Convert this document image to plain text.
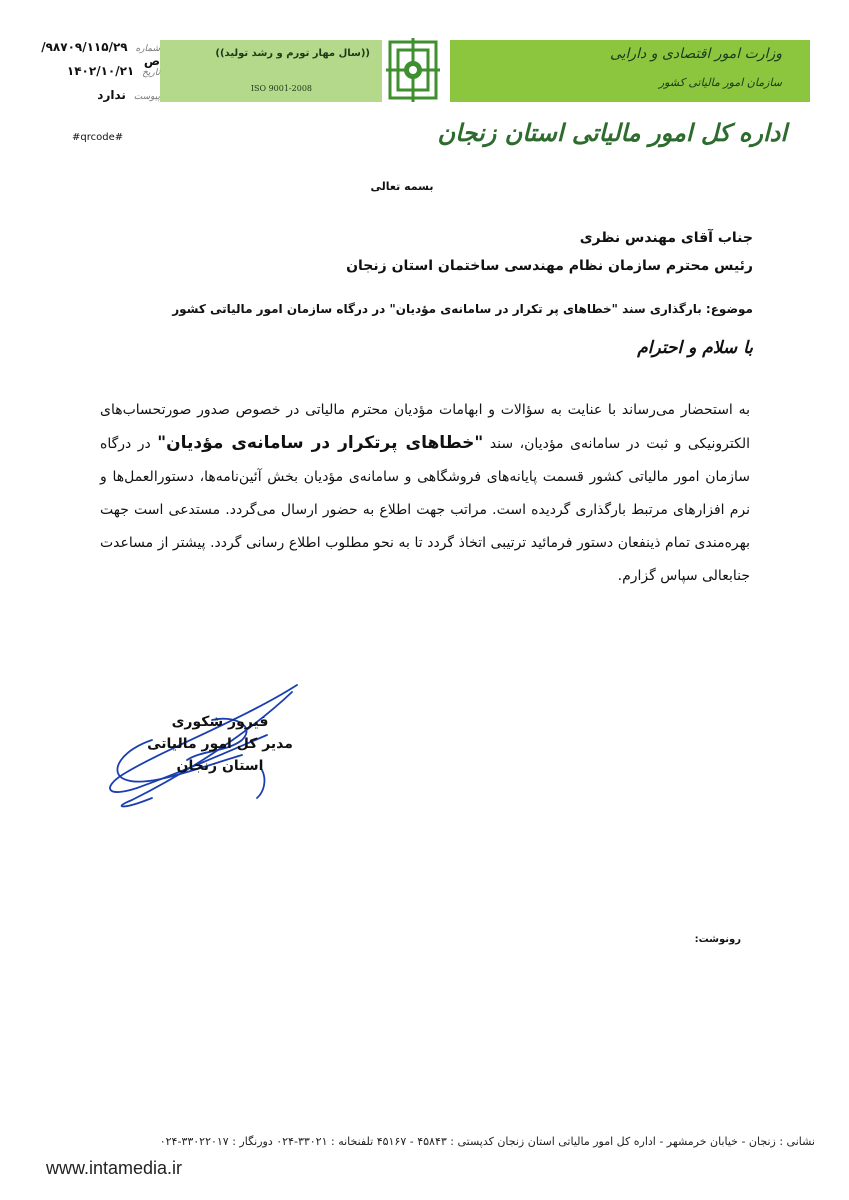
((سال مهار تورم و رشد تولید))
ISO 9001-2008
وزارت امور اقتصادی و دارایی
سازمان امور مالیاتی کشور
اداره کل امور مالیاتی استان زنجان
شماره ۹۸۷۰۹/۱۱۵/۲۹/ص
تاریخ ۱۴۰۲/۱۰/۲۱
پیوست ندارد
#qrcode#
بسمه تعالی
جناب آقای مهندس نظری
رئیس محترم سازمان نظام مهندسی ساختمان استان زنجان
موضوع: بارگذاری سند "خطاهای پر تکرار در سامانه‌ی مؤدیان" در درگاه سازمان امور مالیاتی کشور
با سلام و احترام
به استحضار می‌رساند با عنایت به سؤالات و ابهامات مؤدیان محترم مالیاتی در خصوص صدور صورتحساب‌های الکترونیکی و ثبت در سامانه‌ی مؤدیان، سند "خطاهای پرتکرار در سامانه‌ی مؤدیان" در درگاه سازمان امور مالیاتی کشور قسمت پایانه‌های فروشگاهی و سامانه‌ی مؤدیان بخش آئین‌نامه‌ها، دستورالعمل‌ها و نرم افزارهای مرتبط بارگذاری گردیده است. مراتب جهت اطلاع به حضور ارسال می‌گردد. مستدعی است جهت بهره‌مندی تمام ذینفعان دستور فرمائید ترتیبی اتخاذ گردد تا به نحو مطلوب اطلاع رسانی گردد. پیشتر از مساعدت جنابعالی سپاس گزارم.
فیروز شکوری
مدیر کل امور مالیاتی
استان زنجان
رونوشت:
نشانی : زنجان - خیابان خرمشهر - اداره کل امور مالیاتی استان زنجان کدپستی : ۴۵۸۴۳ - ۴۵۱۶۷ تلفنخانه : ۳۳۰۲۱-۰۲۴ دورنگار : ۳۳۰۲۲۰۱۷-۰۲۴
www.intamedia.ir
